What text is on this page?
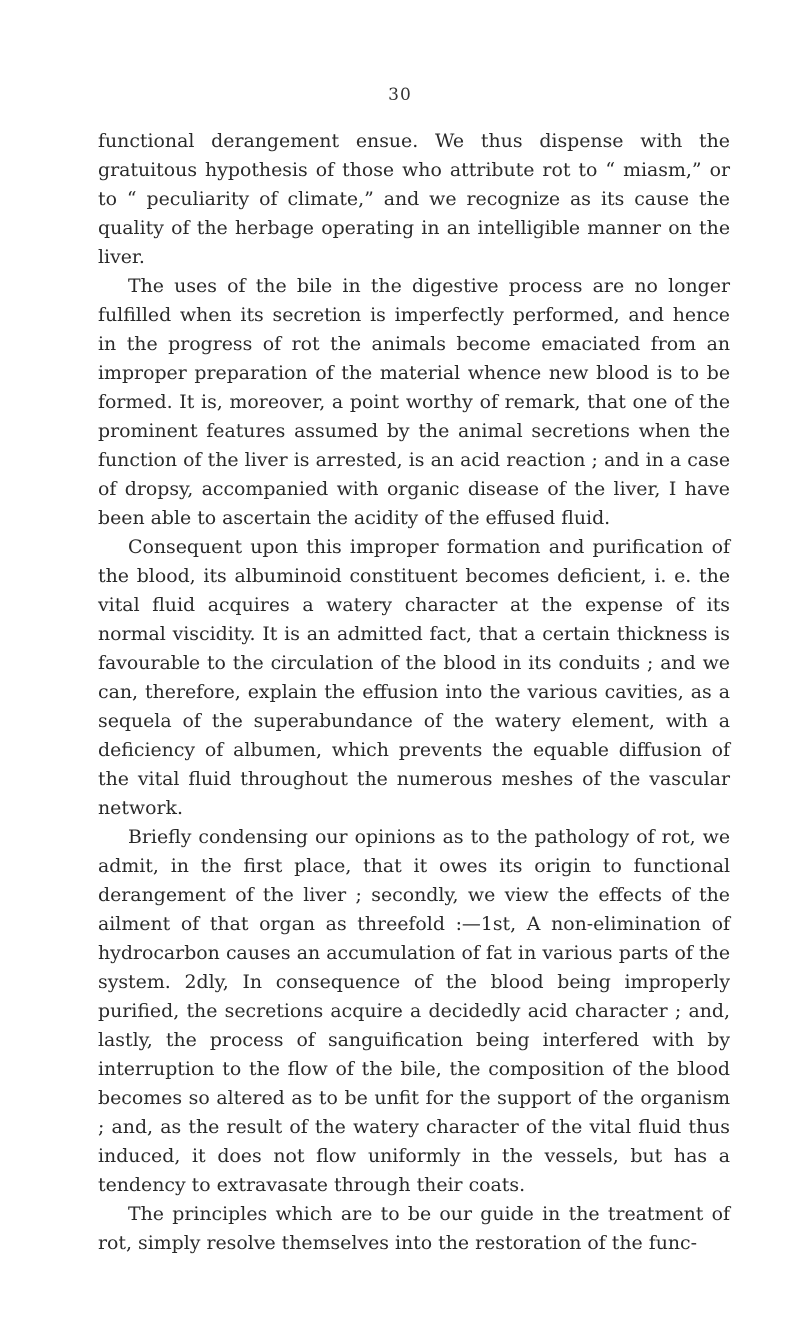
30

functional derangement ensue. We thus dispense with the gratuitous hypothesis of those who attribute rot to “ miasm,” or to “ peculiarity of climate,” and we recognize as its cause the quality of the herbage operating in an intelligible manner on the liver.

The uses of the bile in the digestive process are no longer fulfilled when its secretion is imperfectly performed, and hence in the progress of rot the animals become emaciated from an improper preparation of the material whence new blood is to be formed. It is, moreover, a point worthy of remark, that one of the prominent features assumed by the animal secretions when the function of the liver is arrested, is an acid reaction ; and in a case of dropsy, accompanied with organic disease of the liver, I have been able to ascertain the acidity of the effused fluid.

Consequent upon this improper formation and purification of the blood, its albuminoid constituent becomes deficient, i. e. the vital fluid acquires a watery character at the expense of its normal viscidity. It is an admitted fact, that a certain thickness is favourable to the circulation of the blood in its conduits ; and we can, therefore, explain the effusion into the various cavities, as a sequela of the superabundance of the watery element, with a deficiency of albumen, which prevents the equable diffusion of the vital fluid throughout the numerous meshes of the vascular network.

Briefly condensing our opinions as to the pathology of rot, we admit, in the first place, that it owes its origin to functional derangement of the liver ; secondly, we view the effects of the ailment of that organ as threefold :—1st, A non-elimination of hydrocarbon causes an accumulation of fat in various parts of the system. 2dly, In consequence of the blood being improperly purified, the secretions acquire a decidedly acid character ; and, lastly, the process of sanguification being interfered with by interruption to the flow of the bile, the composition of the blood becomes so altered as to be unfit for the support of the organism ; and, as the result of the watery character of the vital fluid thus induced, it does not flow uniformly in the vessels, but has a tendency to extravasate through their coats.

The principles which are to be our guide in the treatment of rot, simply resolve themselves into the restoration of the func-
